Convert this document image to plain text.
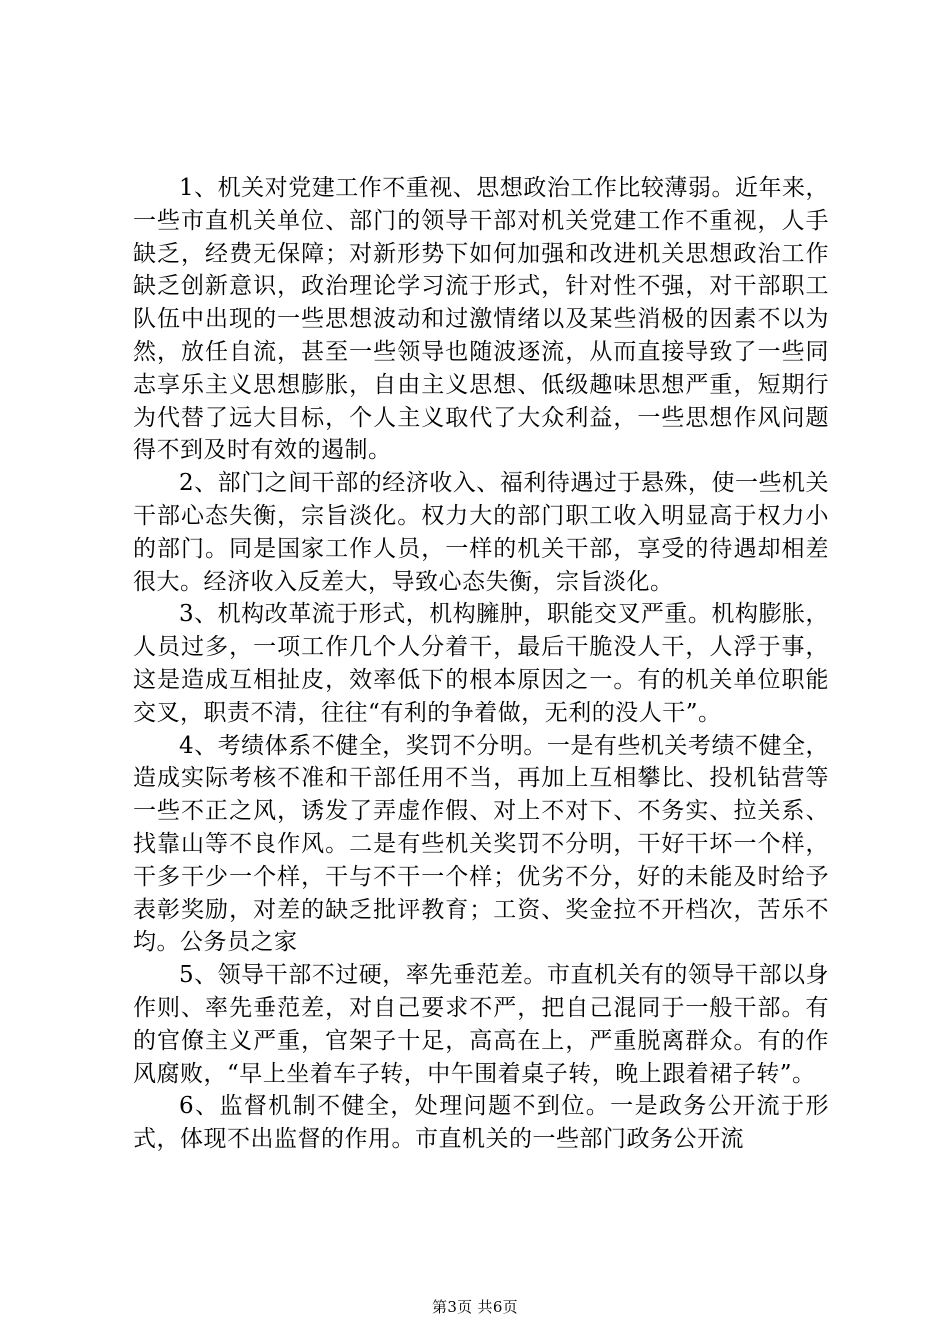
1、机关对党建工作不重视、思想政治工作比较薄弱。近年来，一些市直机关单位、部门的领导干部对机关党建工作不重视，人手缺乏，经费无保障；对新形势下如何加强和改进机关思想政治工作缺乏创新意识，政治理论学习流于形式，针对性不强，对干部职工队伍中出现的一些思想波动和过激情绪以及某些消极的因素不以为然，放任自流，甚至一些领导也随波逐流，从而直接导致了一些同志享乐主义思想膨胀，自由主义思想、低级趣味思想严重，短期行为代替了远大目标，个人主义取代了大众利益，一些思想作风问题得不到及时有效的遏制。

2、部门之间干部的经济收入、福利待遇过于悬殊，使一些机关干部心态失衡，宗旨淡化。权力大的部门职工收入明显高于权力小的部门。同是国家工作人员，一样的机关干部，享受的待遇却相差很大。经济收入反差大，导致心态失衡，宗旨淡化。

3、机构改革流于形式，机构臃肿，职能交叉严重。机构膨胀，人员过多，一项工作几个人分着干，最后干脆没人干，人浮于事，这是造成互相扯皮，效率低下的根本原因之一。有的机关单位职能交叉，职责不清，往往“有利的争着做，无利的没人干”。

4、考绩体系不健全，奖罚不分明。一是有些机关考绩不健全，造成实际考核不准和干部任用不当，再加上互相攀比、投机钻营等一些不正之风，诱发了弄虚作假、对上不对下、不务实、拉关系、找靠山等不良作风。二是有些机关奖罚不分明，干好干坏一个样，干多干少一个样，干与不干一个样；优劣不分，好的未能及时给予表彰奖励，对差的缺乏批评教育；工资、奖金拉不开档次，苦乐不均。公务员之家

5、领导干部不过硬，率先垂范差。市直机关有的领导干部以身作则、率先垂范差，对自己要求不严，把自己混同于一般干部。有的官僚主义严重，官架子十足，高高在上，严重脱离群众。有的作风腐败，“早上坐着车子转，中午围着桌子转，晚上跟着裙子转”。

6、监督机制不健全，处理问题不到位。一是政务公开流于形式，体现不出监督的作用。市直机关的一些部门政务公开流

第3页 共6页
